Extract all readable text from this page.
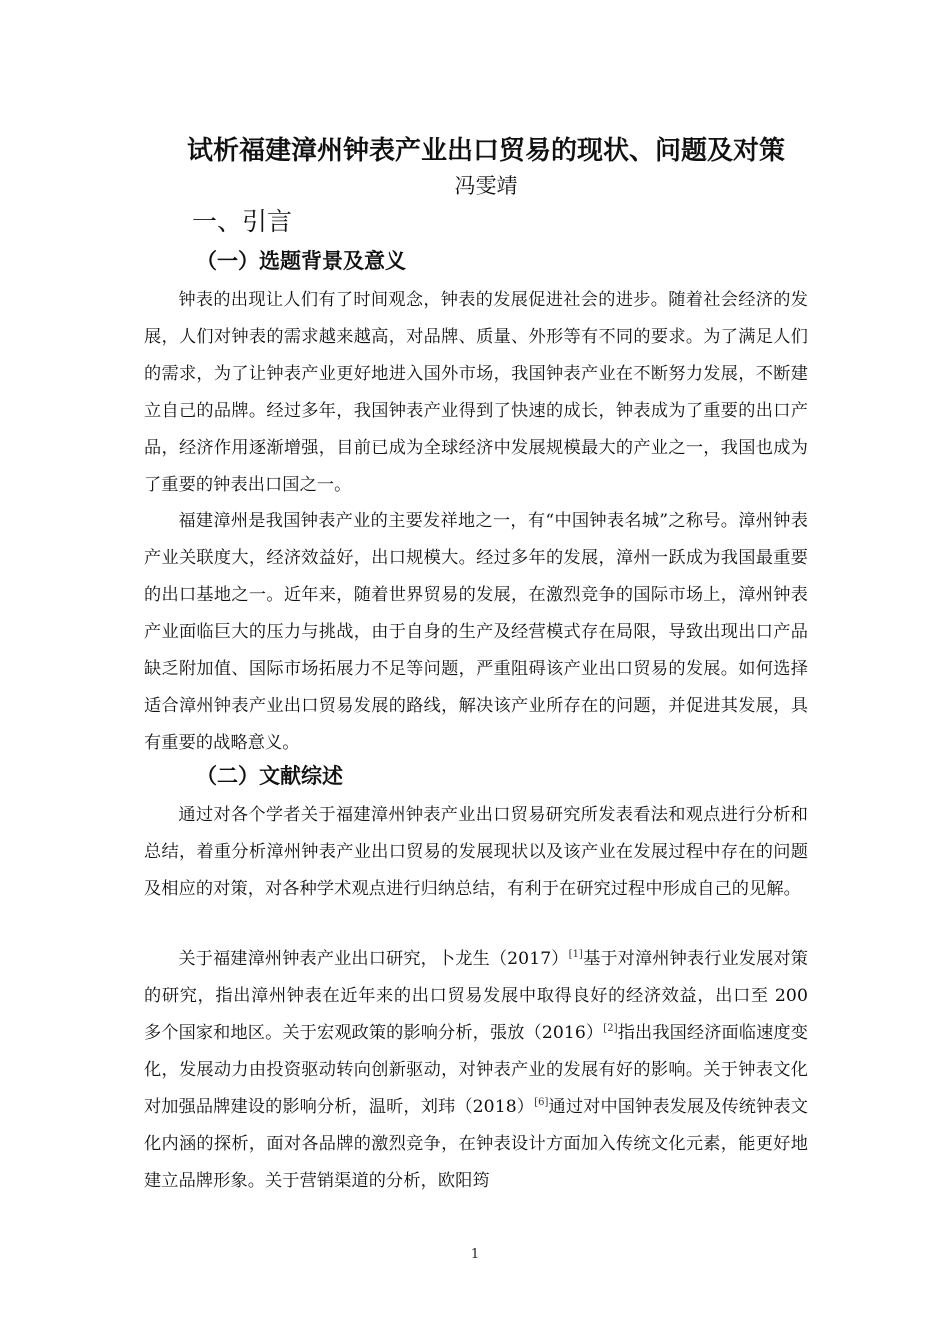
试析福建漳州钟表产业出口贸易的现状、问题及对策
冯雯靖
一、引言
（一）选题背景及意义

钟表的出现让人们有了时间观念，钟表的发展促进社会的进步。随着社会经济的发展，人们对钟表的需求越来越高，对品牌、质量、外形等有不同的要求。为了满足人们的需求，为了让钟表产业更好地进入国外市场，我国钟表产业在不断努力发展，不断建立自己的品牌。经过多年，我国钟表产业得到了快速的成长，钟表成为了重要的出口产品，经济作用逐渐增强，目前已成为全球经济中发展规模最大的产业之一，我国也成为了重要的钟表出口国之一。

福建漳州是我国钟表产业的主要发祥地之一，有“中国钟表名城”之称号。漳州钟表产业关联度大，经济效益好，出口规模大。经过多年的发展，漳州一跃成为我国最重要的出口基地之一。近年来，随着世界贸易的发展，在激烈竞争的国际市场上，漳州钟表产业面临巨大的压力与挑战，由于自身的生产及经营模式存在局限，导致出现出口产品缺乏附加值、国际市场拓展力不足等问题，严重阻碍该产业出口贸易的发展。如何选择适合漳州钟表产业出口贸易发展的路线，解决该产业所存在的问题，并促进其发展，具有重要的战略意义。

（二）文献综述

通过对各个学者关于福建漳州钟表产业出口贸易研究所发表看法和观点进行分析和总结，着重分析漳州钟表产业出口贸易的发展现状以及该产业在发展过程中存在的问题及相应的对策，对各种学术观点进行归纳总结，有利于在研究过程中形成自己的见解。

关于福建漳州钟表产业出口研究，卜龙生（2017）[1]基于对漳州钟表行业发展对策的研究，指出漳州钟表在近年来的出口贸易发展中取得良好的经济效益，出口至 200 多个国家和地区。关于宏观政策的影响分析，張放（2016）[2]指出我国经济面临速度变化，发展动力由投资驱动转向创新驱动，对钟表产业的发展有好的影响。关于钟表文化对加强品牌建设的影响分析，温昕，刘玮（2018）[6]通过对中国钟表发展及传统钟表文化内涵的探析，面对各品牌的激烈竞争，在钟表设计方面加入传统文化元素，能更好地建立品牌形象。关于营销渠道的分析，欧阳筠

1
